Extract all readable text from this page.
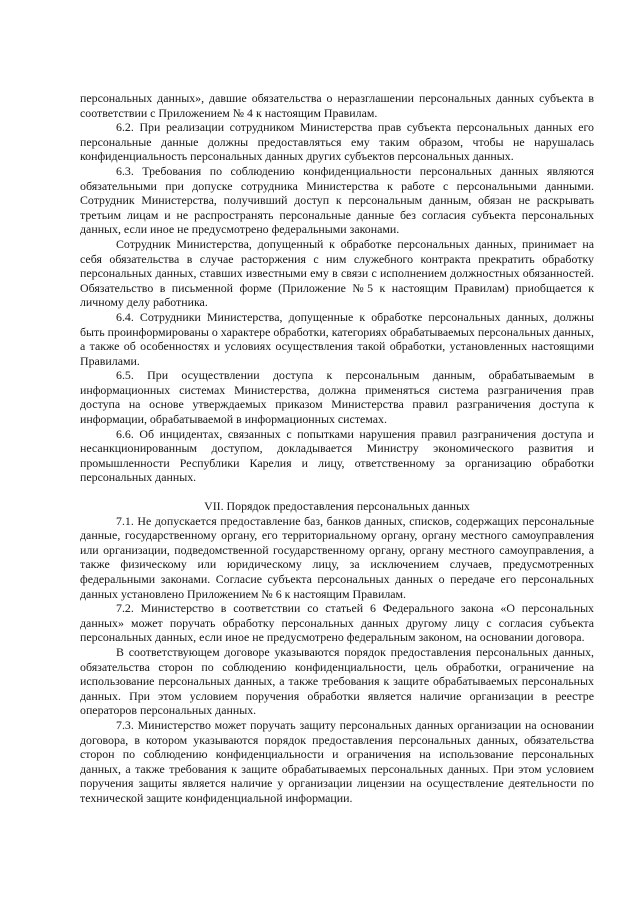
персональных данных», давшие обязательства о неразглашении персональных данных субъекта в соответствии с Приложением № 4 к настоящим Правилам.

6.2. При реализации сотрудником Министерства прав субъекта персональных данных его персональные данные должны предоставляться ему таким образом, чтобы не нарушалась конфиденциальность персональных данных других субъектов персональных данных.

6.3. Требования по соблюдению конфиденциальности персональных данных являются обязательными при допуске сотрудника Министерства к работе с персональными данными. Сотрудник Министерства, получивший доступ к персональным данным, обязан не раскрывать третьим лицам и не распространять персональные данные без согласия субъекта персональных данных, если иное не предусмотрено федеральными законами.

Сотрудник Министерства, допущенный к обработке персональных данных, принимает на себя обязательства в случае расторжения с ним служебного контракта прекратить обработку персональных данных, ставших известными ему в связи с исполнением должностных обязанностей. Обязательство в письменной форме (Приложение №5 к настоящим Правилам) приобщается к личному делу работника.

6.4. Сотрудники Министерства, допущенные к обработке персональных данных, должны быть проинформированы о характере обработки, категориях обрабатываемых персональных данных, а также об особенностях и условиях осуществления такой обработки, установленных настоящими Правилами.

6.5. При осуществлении доступа к персональным данным, обрабатываемым в информационных системах Министерства, должна применяться система разграничения прав доступа на основе утверждаемых приказом Министерства правил разграничения доступа к информации, обрабатываемой в информационных системах.

6.6. Об инцидентах, связанных с попытками нарушения правил разграничения доступа и несанкционированным доступом, докладывается Министру экономического развития и промышленности Республики Карелия и лицу, ответственному за организацию обработки персональных данных.

VII. Порядок предоставления персональных данных

7.1. Не допускается предоставление баз, банков данных, списков, содержащих персональные данные, государственному органу, его территориальному органу, органу местного самоуправления или организации, подведомственной государственному органу, органу местного самоуправления, а также физическому или юридическому лицу, за исключением случаев, предусмотренных федеральными законами. Согласие субъекта персональных данных о передаче его персональных данных установлено Приложением № 6 к настоящим Правилам.

7.2. Министерство в соответствии со статьей 6 Федерального закона «О персональных данных» может поручать обработку персональных данных другому лицу с согласия субъекта персональных данных, если иное не предусмотрено федеральным законом, на основании договора.

В соответствующем договоре указываются порядок предоставления персональных данных, обязательства сторон по соблюдению конфиденциальности, цель обработки, ограничение на использование персональных данных, а также требования к защите обрабатываемых персональных данных. При этом условием поручения обработки является наличие организации в реестре операторов персональных данных.

7.3. Министерство может поручать защиту персональных данных организации на основании договора, в котором указываются порядок предоставления персональных данных, обязательства сторон по соблюдению конфиденциальности и ограничения на использование персональных данных, а также требования к защите обрабатываемых персональных данных. При этом условием поручения защиты является наличие у организации лицензии на осуществление деятельности по технической защите конфиденциальной информации.
